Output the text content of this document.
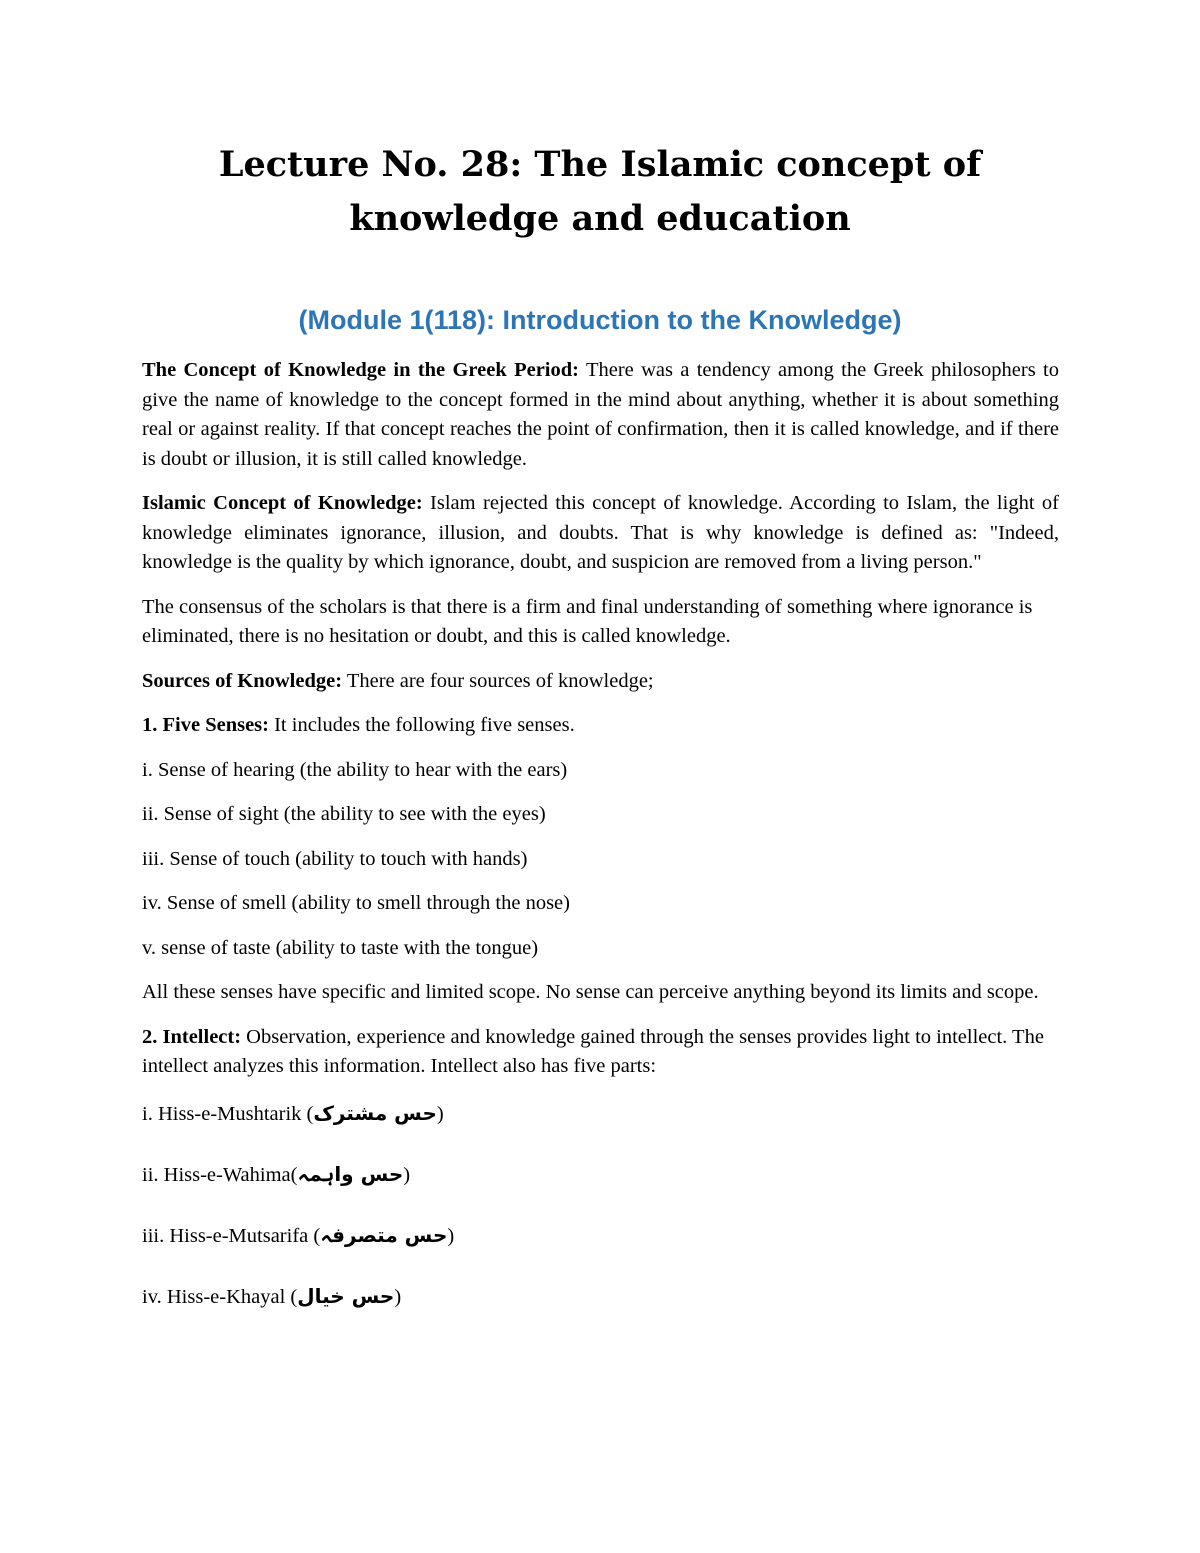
Lecture No. 28: The Islamic concept of knowledge and education
(Module 1(118): Introduction to the Knowledge)

The Concept of Knowledge in the Greek Period: There was a tendency among the Greek philosophers to give the name of knowledge to the concept formed in the mind about anything, whether it is about something real or against reality. If that concept reaches the point of confirmation, then it is called knowledge, and if there is doubt or illusion, it is still called knowledge.

Islamic Concept of Knowledge: Islam rejected this concept of knowledge. According to Islam, the light of knowledge eliminates ignorance, illusion, and doubts. That is why knowledge is defined as: "Indeed, knowledge is the quality by which ignorance, doubt, and suspicion are removed from a living person."

The consensus of the scholars is that there is a firm and final understanding of something where ignorance is eliminated, there is no hesitation or doubt, and this is called knowledge.

Sources of Knowledge: There are four sources of knowledge;

1. Five Senses: It includes the following five senses.

i. Sense of hearing (the ability to hear with the ears)

ii. Sense of sight (the ability to see with the eyes)

iii. Sense of touch (ability to touch with hands)

iv. Sense of smell (ability to smell through the nose)

v. sense of taste (ability to taste with the tongue)

All these senses have specific and limited scope. No sense can perceive anything beyond its limits and scope.

2. Intellect: Observation, experience and knowledge gained through the senses provides light to intellect. The intellect analyzes this information. Intellect also has five parts:

i. Hiss-e-Mushtarik (حس مشترک)

ii. Hiss-e-Wahima(حس واہمہ)

iii. Hiss-e-Mutsarifa (حس متصرفہ)

iv. Hiss-e-Khayal (حس خیال)
